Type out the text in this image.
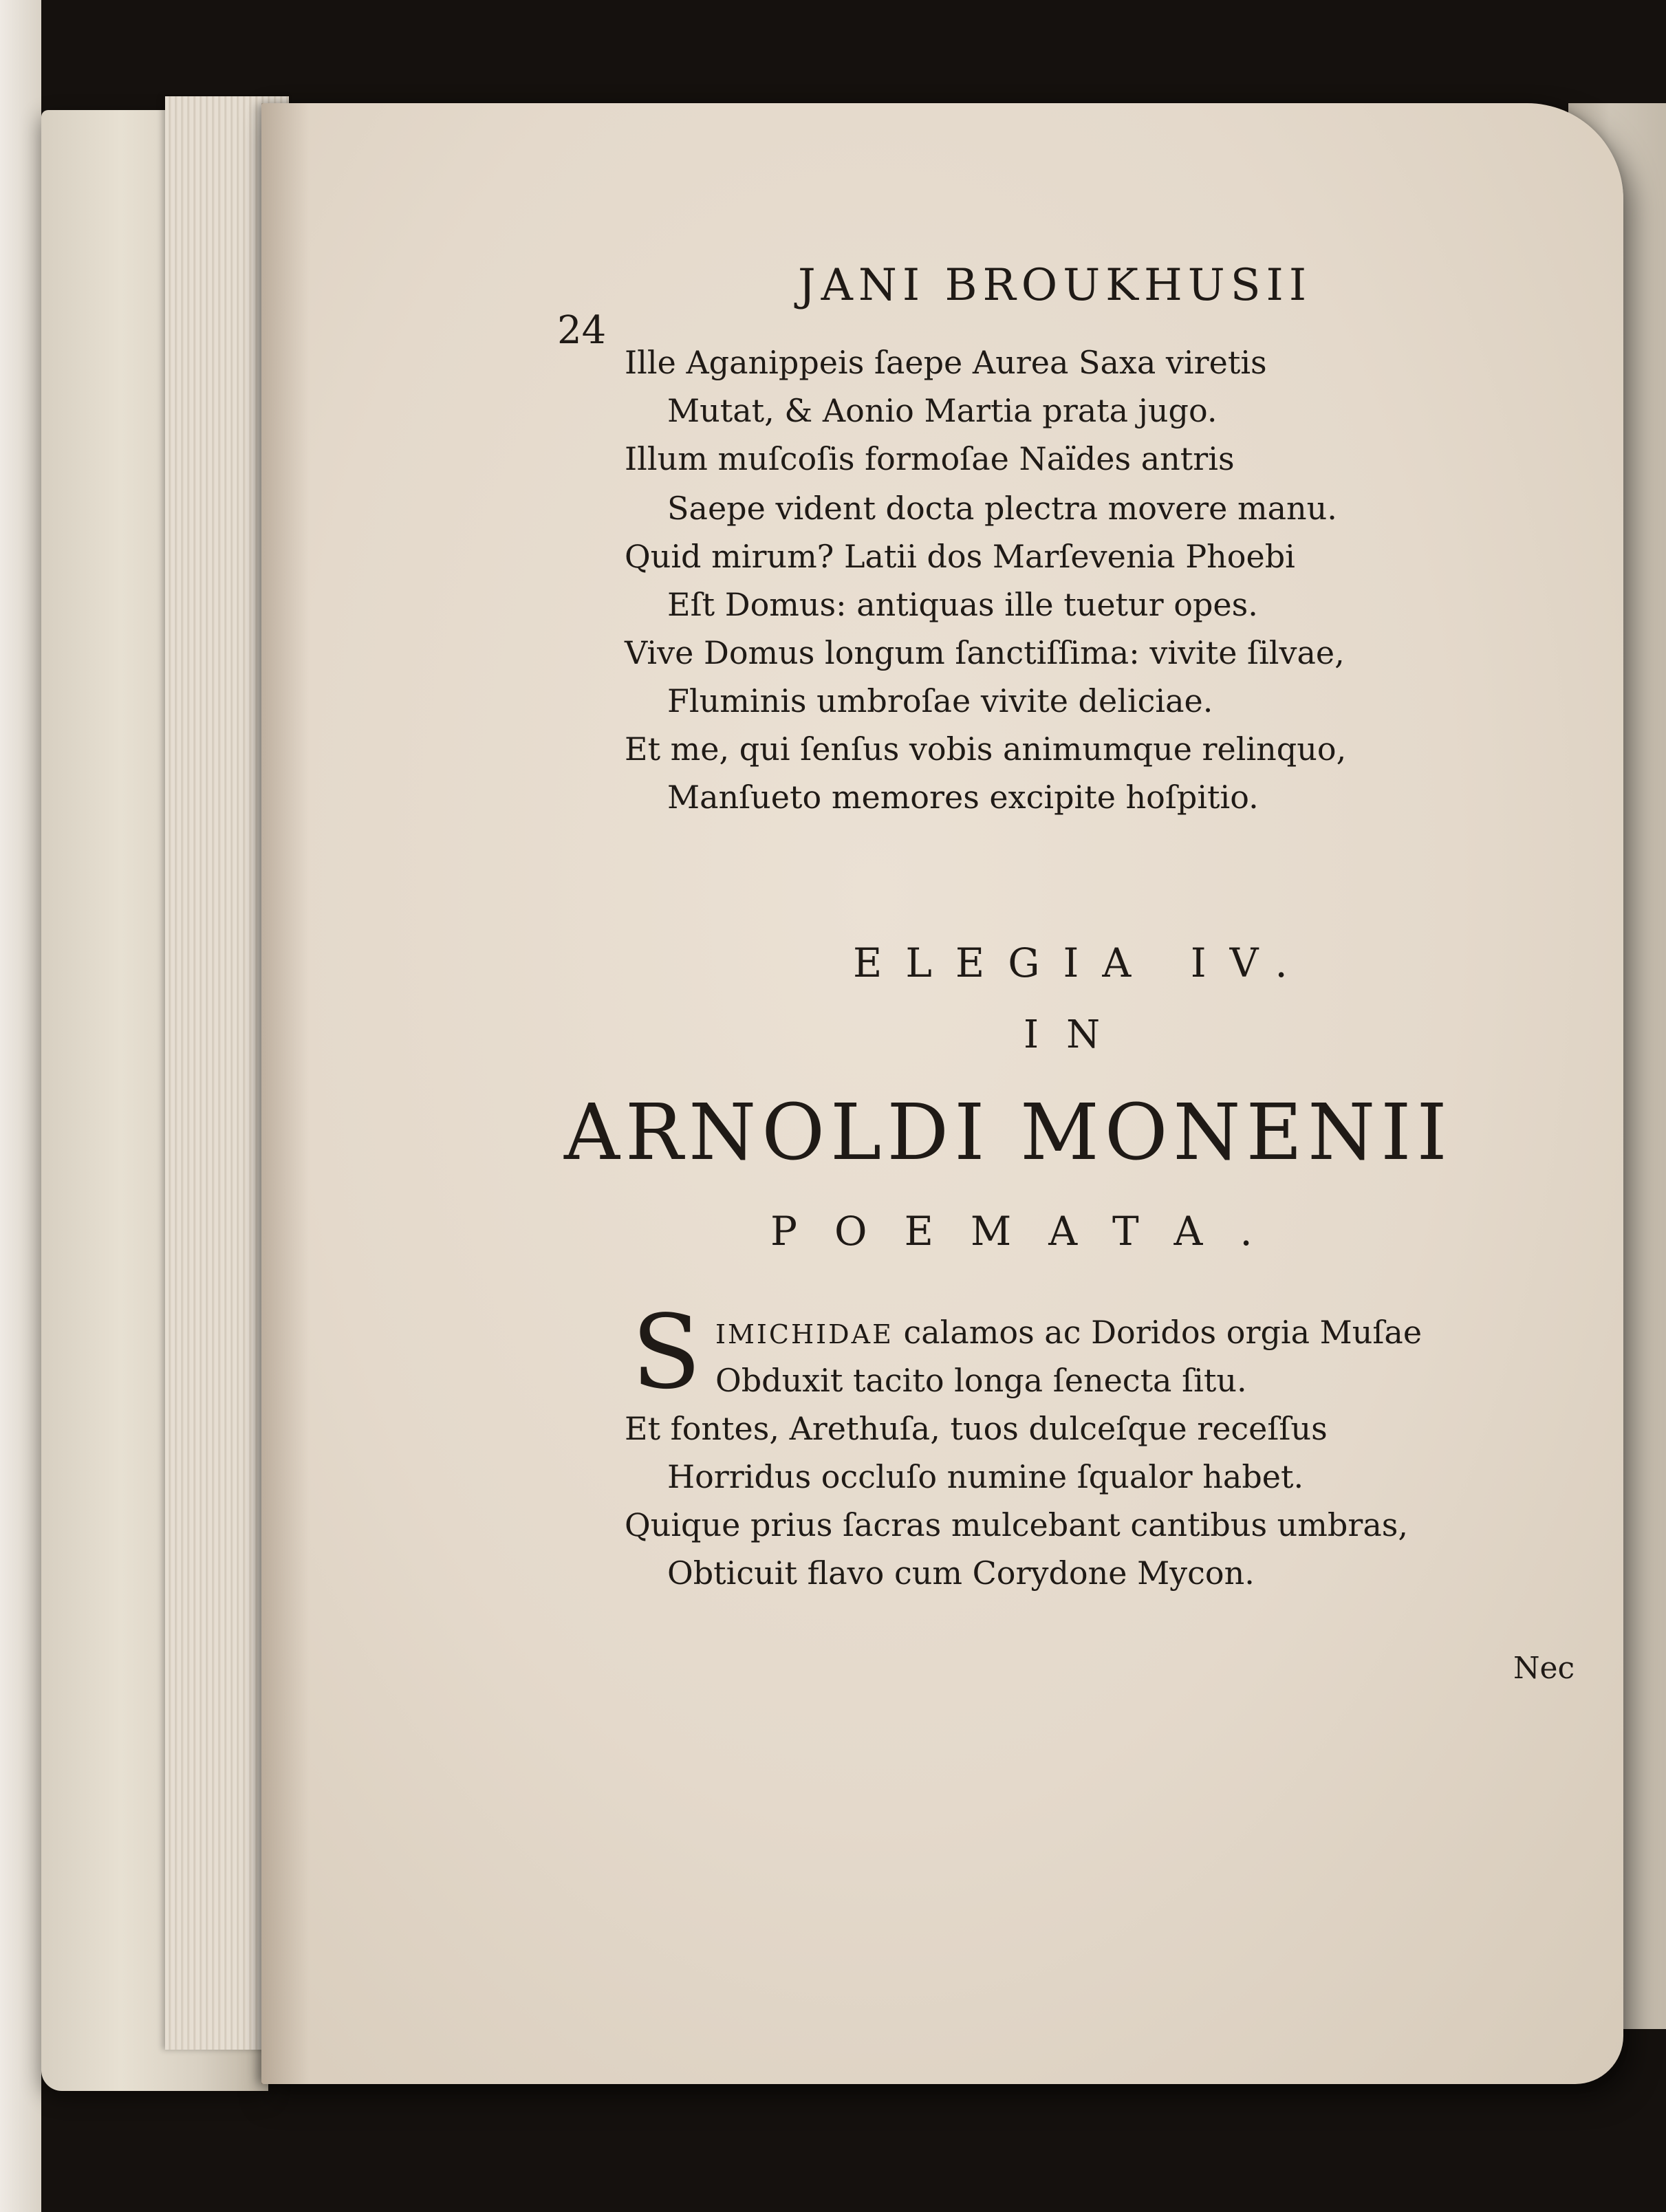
24
JANI BROUKHUSII
Ille Aganippeis ſaepe Aurea Saxa viretis
Mutat, & Aonio Martia prata jugo.
Illum muſcoſis formoſae Naïdes antris
Saepe vident docta plectra movere manu.
Quid mirum? Latii dos Marſevenia Phoebi
Eſt Domus: antiquas ille tuetur opes.
Vive Domus longum ſanctiſſima: vivite ſilvae,
Fluminis umbroſae vivite deliciae.
Et me, qui ſenſus vobis animumque relinquo,
Manſueto memores excipite hoſpitio.
ELEGIA IV.
IN
ARNOLDI MONENII
POEMATA.
S IMICHIDAE calamos ac Doridos orgia Muſae
Obduxit tacito longa ſenecta ſitu.
Et fontes, Arethuſa, tuos dulceſque receſſus
Horridus occluſo numine ſqualor habet.
Quique prius ſacras mulcebant cantibus umbras,
Obticuit flavo cum Corydone Mycon.
Nec
